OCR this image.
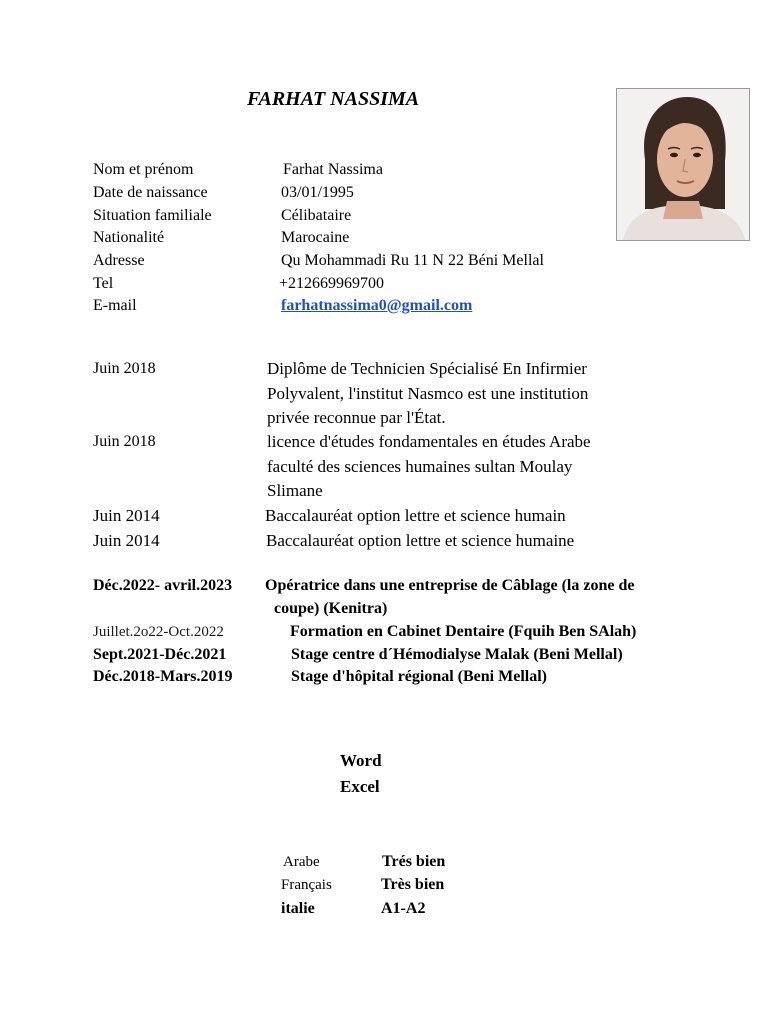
FARHAT NASSIMA
Nom et prénom	Farhat Nassima
Date de naissance	03/01/1995
Situation familiale	Célibataire
Nationalité	Marocaine
Adresse	Qu Mohammadi Ru 11 N 22 Béni Mellal
Tel	+212669969700
E-mail	farhatnassima0@gmail.com
Juin 2018	Diplôme de Technicien Spécialisé En Infirmier
Polyvalent, l'institut Nasmco est une institution
privée reconnue par l'État.
Juin 2018	licence d'études fondamentales en études Arabe
faculté des sciences humaines sultan Moulay
Slimane
Juin 2014	Baccalauréat option lettre et science humain
Juin 2014	Baccalauréat option lettre et science humaine
Déc.2022- avril.2023 Opératrice dans une entreprise de Câblage (la zone de
coupe) (Kenitra)
Juillet.2o22-Oct.2022	Formation en Cabinet Dentaire (Fquih Ben SAlah)
Sept.2021-Déc.2021	Stage centre d´Hémodialyse Malak (Beni Mellal)
Déc.2018-Mars.2019	Stage d'hôpital régional (Beni Mellal)
Word
Excel
Arabe	Trés bien
Français	Très bien
italie	A1-A2
